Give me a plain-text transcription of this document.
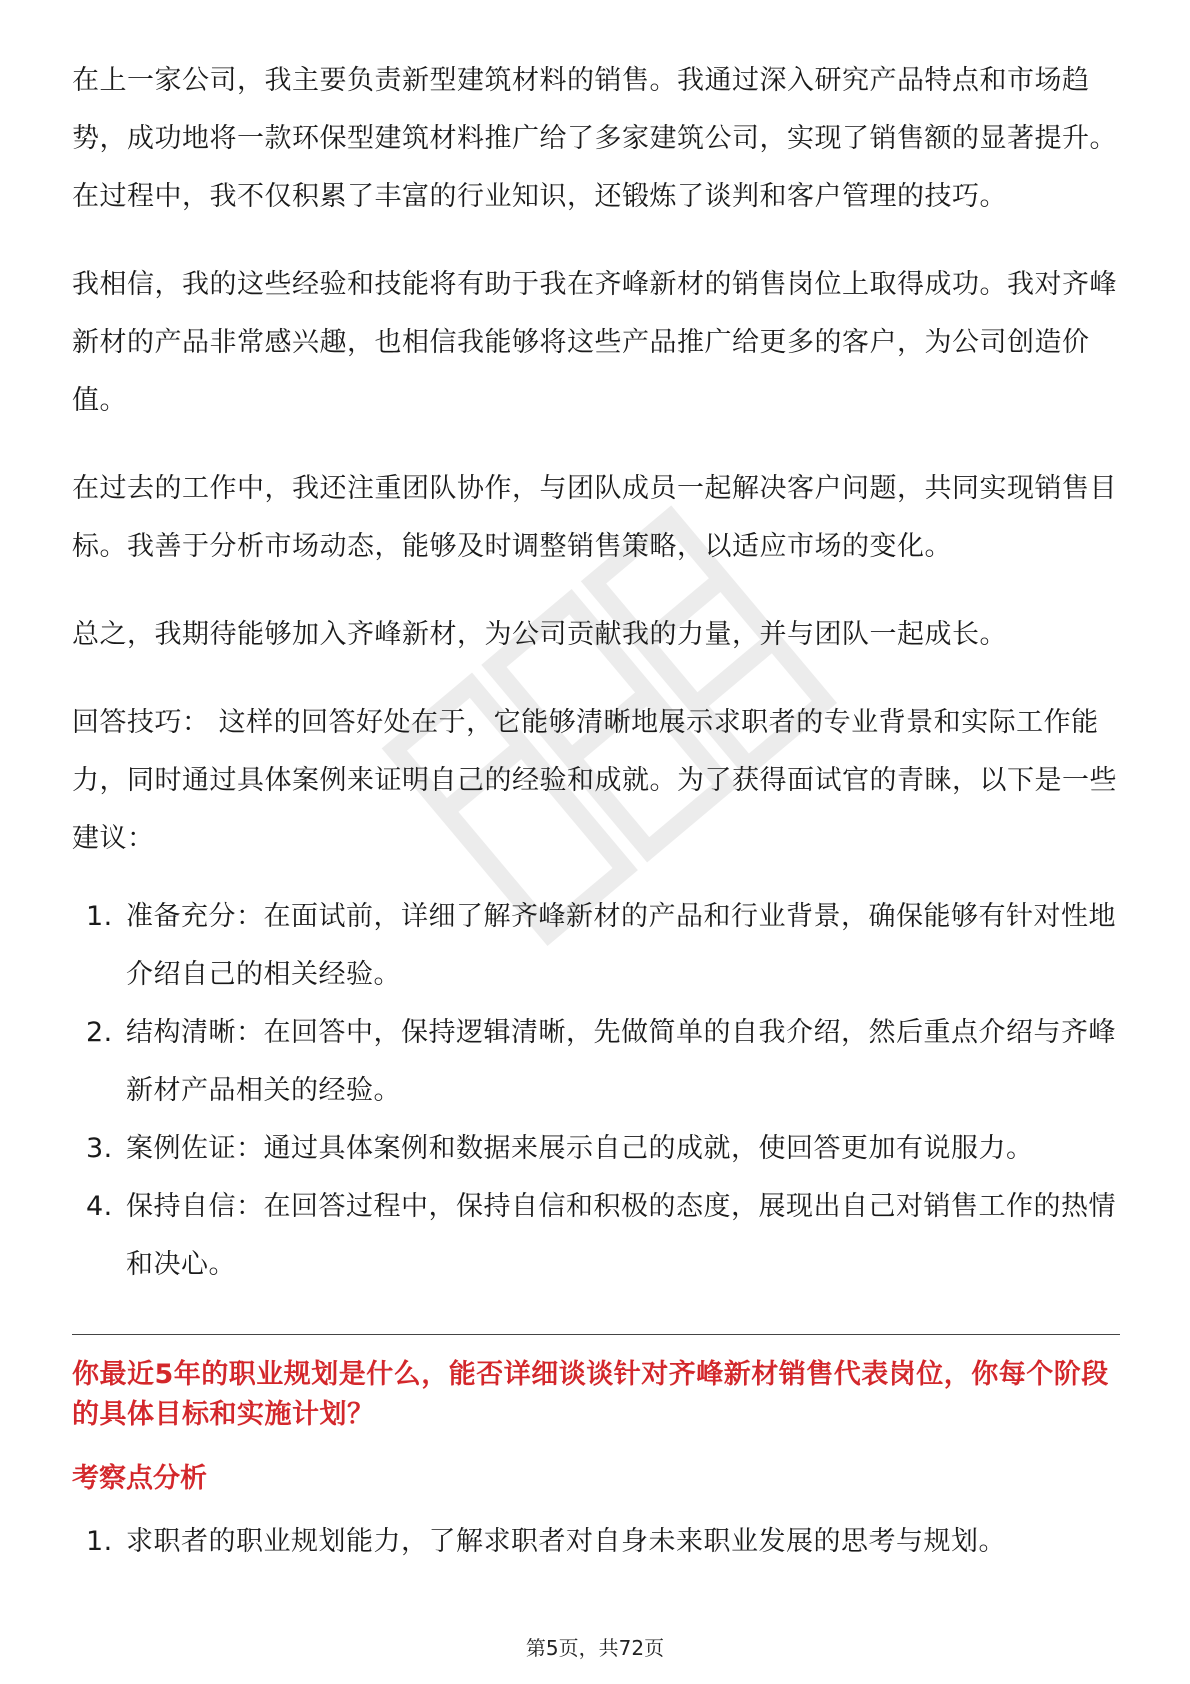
在上一家公司，我主要负责新型建筑材料的销售。我通过深入研究产品特点和市场趋势，成功地将一款环保型建筑材料推广给了多家建筑公司，实现了销售额的显著提升。在过程中，我不仅积累了丰富的行业知识，还锻炼了谈判和客户管理的技巧。

我相信，我的这些经验和技能将有助于我在齐峰新材的销售岗位上取得成功。我对齐峰新材的产品非常感兴趣，也相信我能够将这些产品推广给更多的客户，为公司创造价值。

在过去的工作中，我还注重团队协作，与团队成员一起解决客户问题，共同实现销售目标。我善于分析市场动态，能够及时调整销售策略，以适应市场的变化。

总之，我期待能够加入齐峰新材，为公司贡献我的力量，并与团队一起成长。

回答技巧： 这样的回答好处在于，它能够清晰地展示求职者的专业背景和实际工作能力，同时通过具体案例来证明自己的经验和成就。为了获得面试官的青睐，以下是一些建议：

1. 准备充分：在面试前，详细了解齐峰新材的产品和行业背景，确保能够有针对性地介绍自己的相关经验。
2. 结构清晰：在回答中，保持逻辑清晰，先做简单的自我介绍，然后重点介绍与齐峰新材产品相关的经验。
3. 案例佐证：通过具体案例和数据来展示自己的成就，使回答更加有说服力。
4. 保持自信：在回答过程中，保持自信和积极的态度，展现出自己对销售工作的热情和决心。

你最近5年的职业规划是什么，能否详细谈谈针对齐峰新材销售代表岗位，你每个阶段的具体目标和实施计划？

考察点分析

1. 求职者的职业规划能力，了解求职者对自身未来职业发展的思考与规划。
第5页，共72页
